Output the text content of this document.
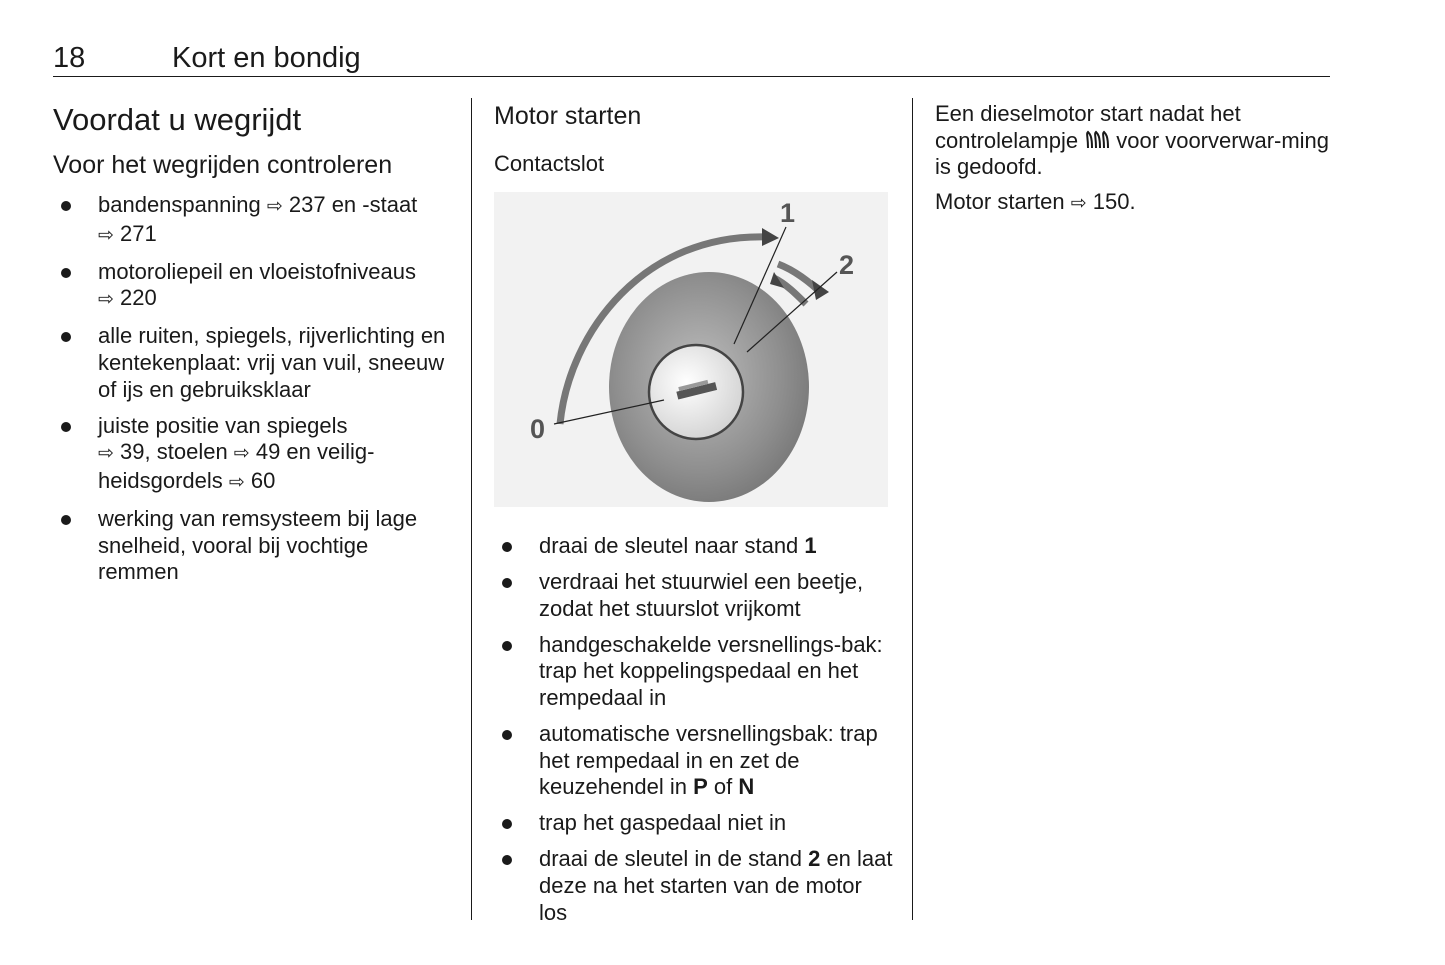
18	Kort en bondig
Voordat u wegrijdt
Voor het wegrijden controleren
bandenspanning ⇨ 237 en -staat
⇨ 271
motoroliepeil en vloeistofniveaus
⇨ 220
alle ruiten, spiegels, rijverlichting en kentekenplaat: vrij van vuil, sneeuw of ijs en gebruiksklaar
juiste positie van spiegels
⇨ 39, stoelen ⇨ 49 en veilig-
heidsgordels ⇨ 60
werking van remsysteem bij lage snelheid, vooral bij vochtige remmen
Motor starten
Contactslot
0
1
2
draai de sleutel naar stand 1
verdraai het stuurwiel een beetje, zodat het stuurslot vrijkomt
handgeschakelde versnellings-bak: trap het koppelingspedaal en het rempedaal in
automatische versnellingsbak: trap het rempedaal in en zet de keuzehendel in P of N
trap het gaspedaal niet in
draai de sleutel in de stand 2 en laat deze na het starten van de motor los

Een dieselmotor start nadat het controlelampje  voor voorverwar-ming is gedoofd.

Motor starten ⇨ 150.
